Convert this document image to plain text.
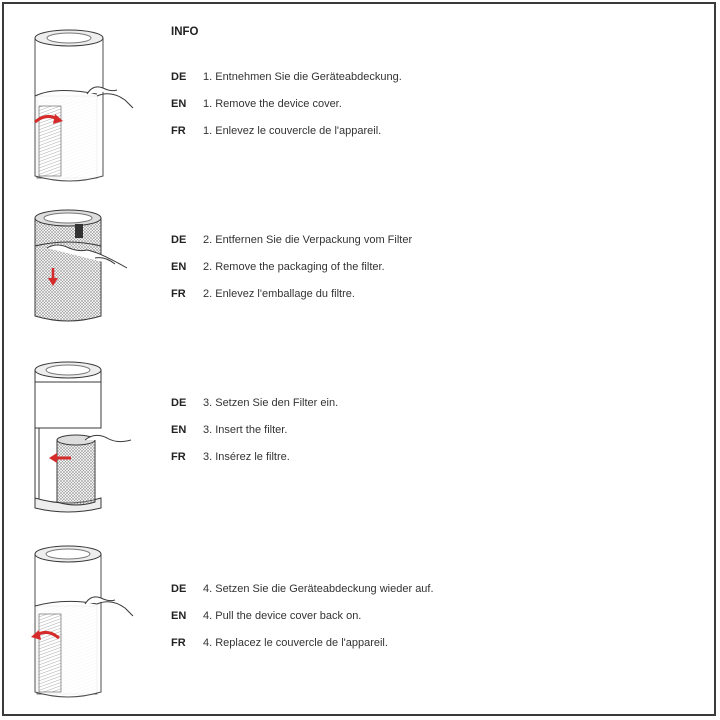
INFO
DE 1. Entnehmen Sie die Geräteabdeckung.
EN 1. Remove the device cover.
FR 1. Enlevez le couvercle de l'appareil.
DE 2. Entfernen Sie die Verpackung vom Filter
EN 2. Remove the packaging of the filter.
FR 2. Enlevez l'emballage du filtre.
DE 3. Setzen Sie den Filter ein.
EN 3. Insert the filter.
FR 3. Insérez le filtre.
DE 4. Setzen Sie die Geräteabdeckung wieder auf.
EN 4. Pull the device cover back on.
FR 4. Replacez le couvercle de l'appareil.
